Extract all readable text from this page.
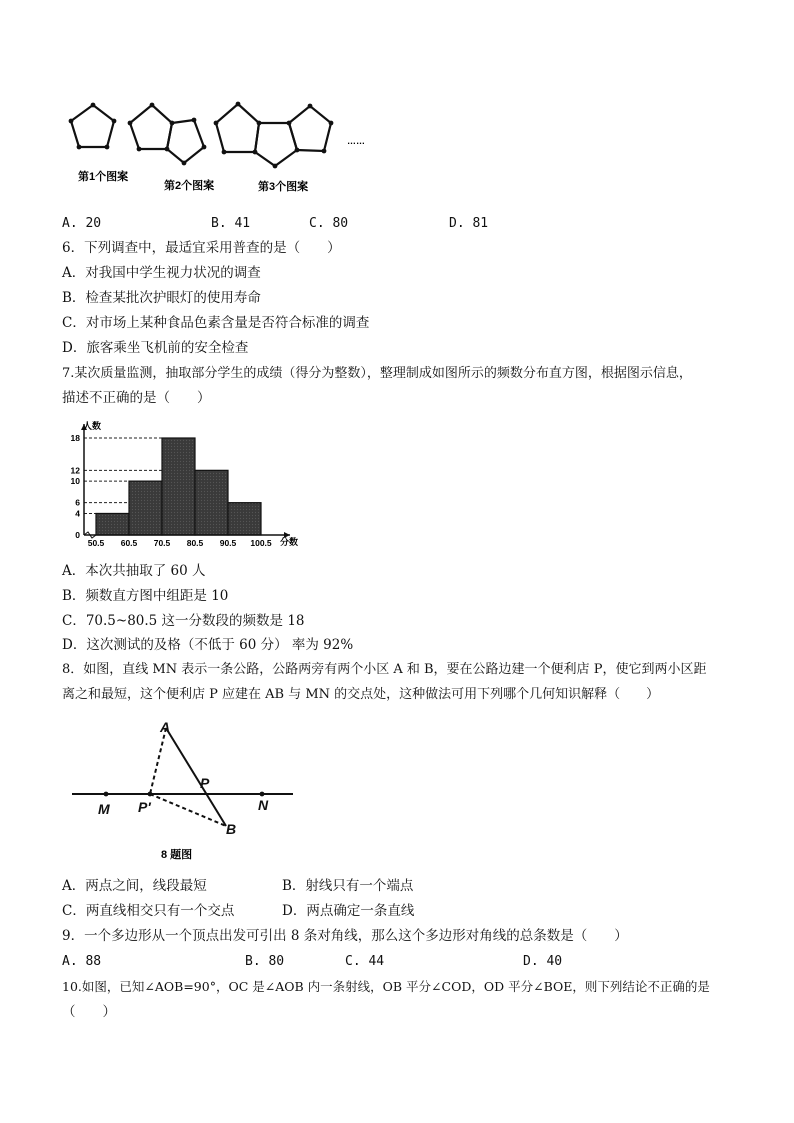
……
第1个图案
第2个图案	第3个图案
A. 20	B. 41	C. 80	D. 81
6．下列调查中，最适宜采用普查的是（　　）
A．对我国中学生视力状况的调查
B．检查某批次护眼灯的使用寿命
C．对市场上某种食品色素含量是否符合标准的调查
D．旅客乘坐飞机前的安全检查
7.某次质量监测，抽取部分学生的成绩（得分为整数），整理制成如图所示的频数分布直方图，根据图示信息，
描述不正确的是（　　）
0
4
6
10
12
18
50.5 60.5 70.5 80.5 90.5 100.5
人数
分数
A．本次共抽取了 60 人
B．频数直方图中组距是 10
C．70.5~80.5 这一分数段的频数是 18
D．这次测试的及格（不低于 60 分） 率为 92%
8．如图，直线 MN 表示一条公路，公路两旁有两个小区 A 和 B，要在公路边建一个便利店 P，使它到两小区距
离之和最短，这个便利店 P 应建在 AB 与 MN 的交点处，这种做法可用下列哪个几何知识解释（　　）
A
P
M P′	N
B
8 题图
A．两点之间，线段最短	B．射线只有一个端点
C．两直线相交只有一个交点	D．两点确定一条直线
9．一个多边形从一个顶点出发可引出 8 条对角线，那么这个多边形对角线的总条数是（　　）
A. 88	B. 80	C. 44	D. 40
10.如图，已知∠AOB=90°，OC 是∠AOB 内一条射线，OB 平分∠COD，OD 平分∠BOE，则下列结论不正确的是
（　　）
